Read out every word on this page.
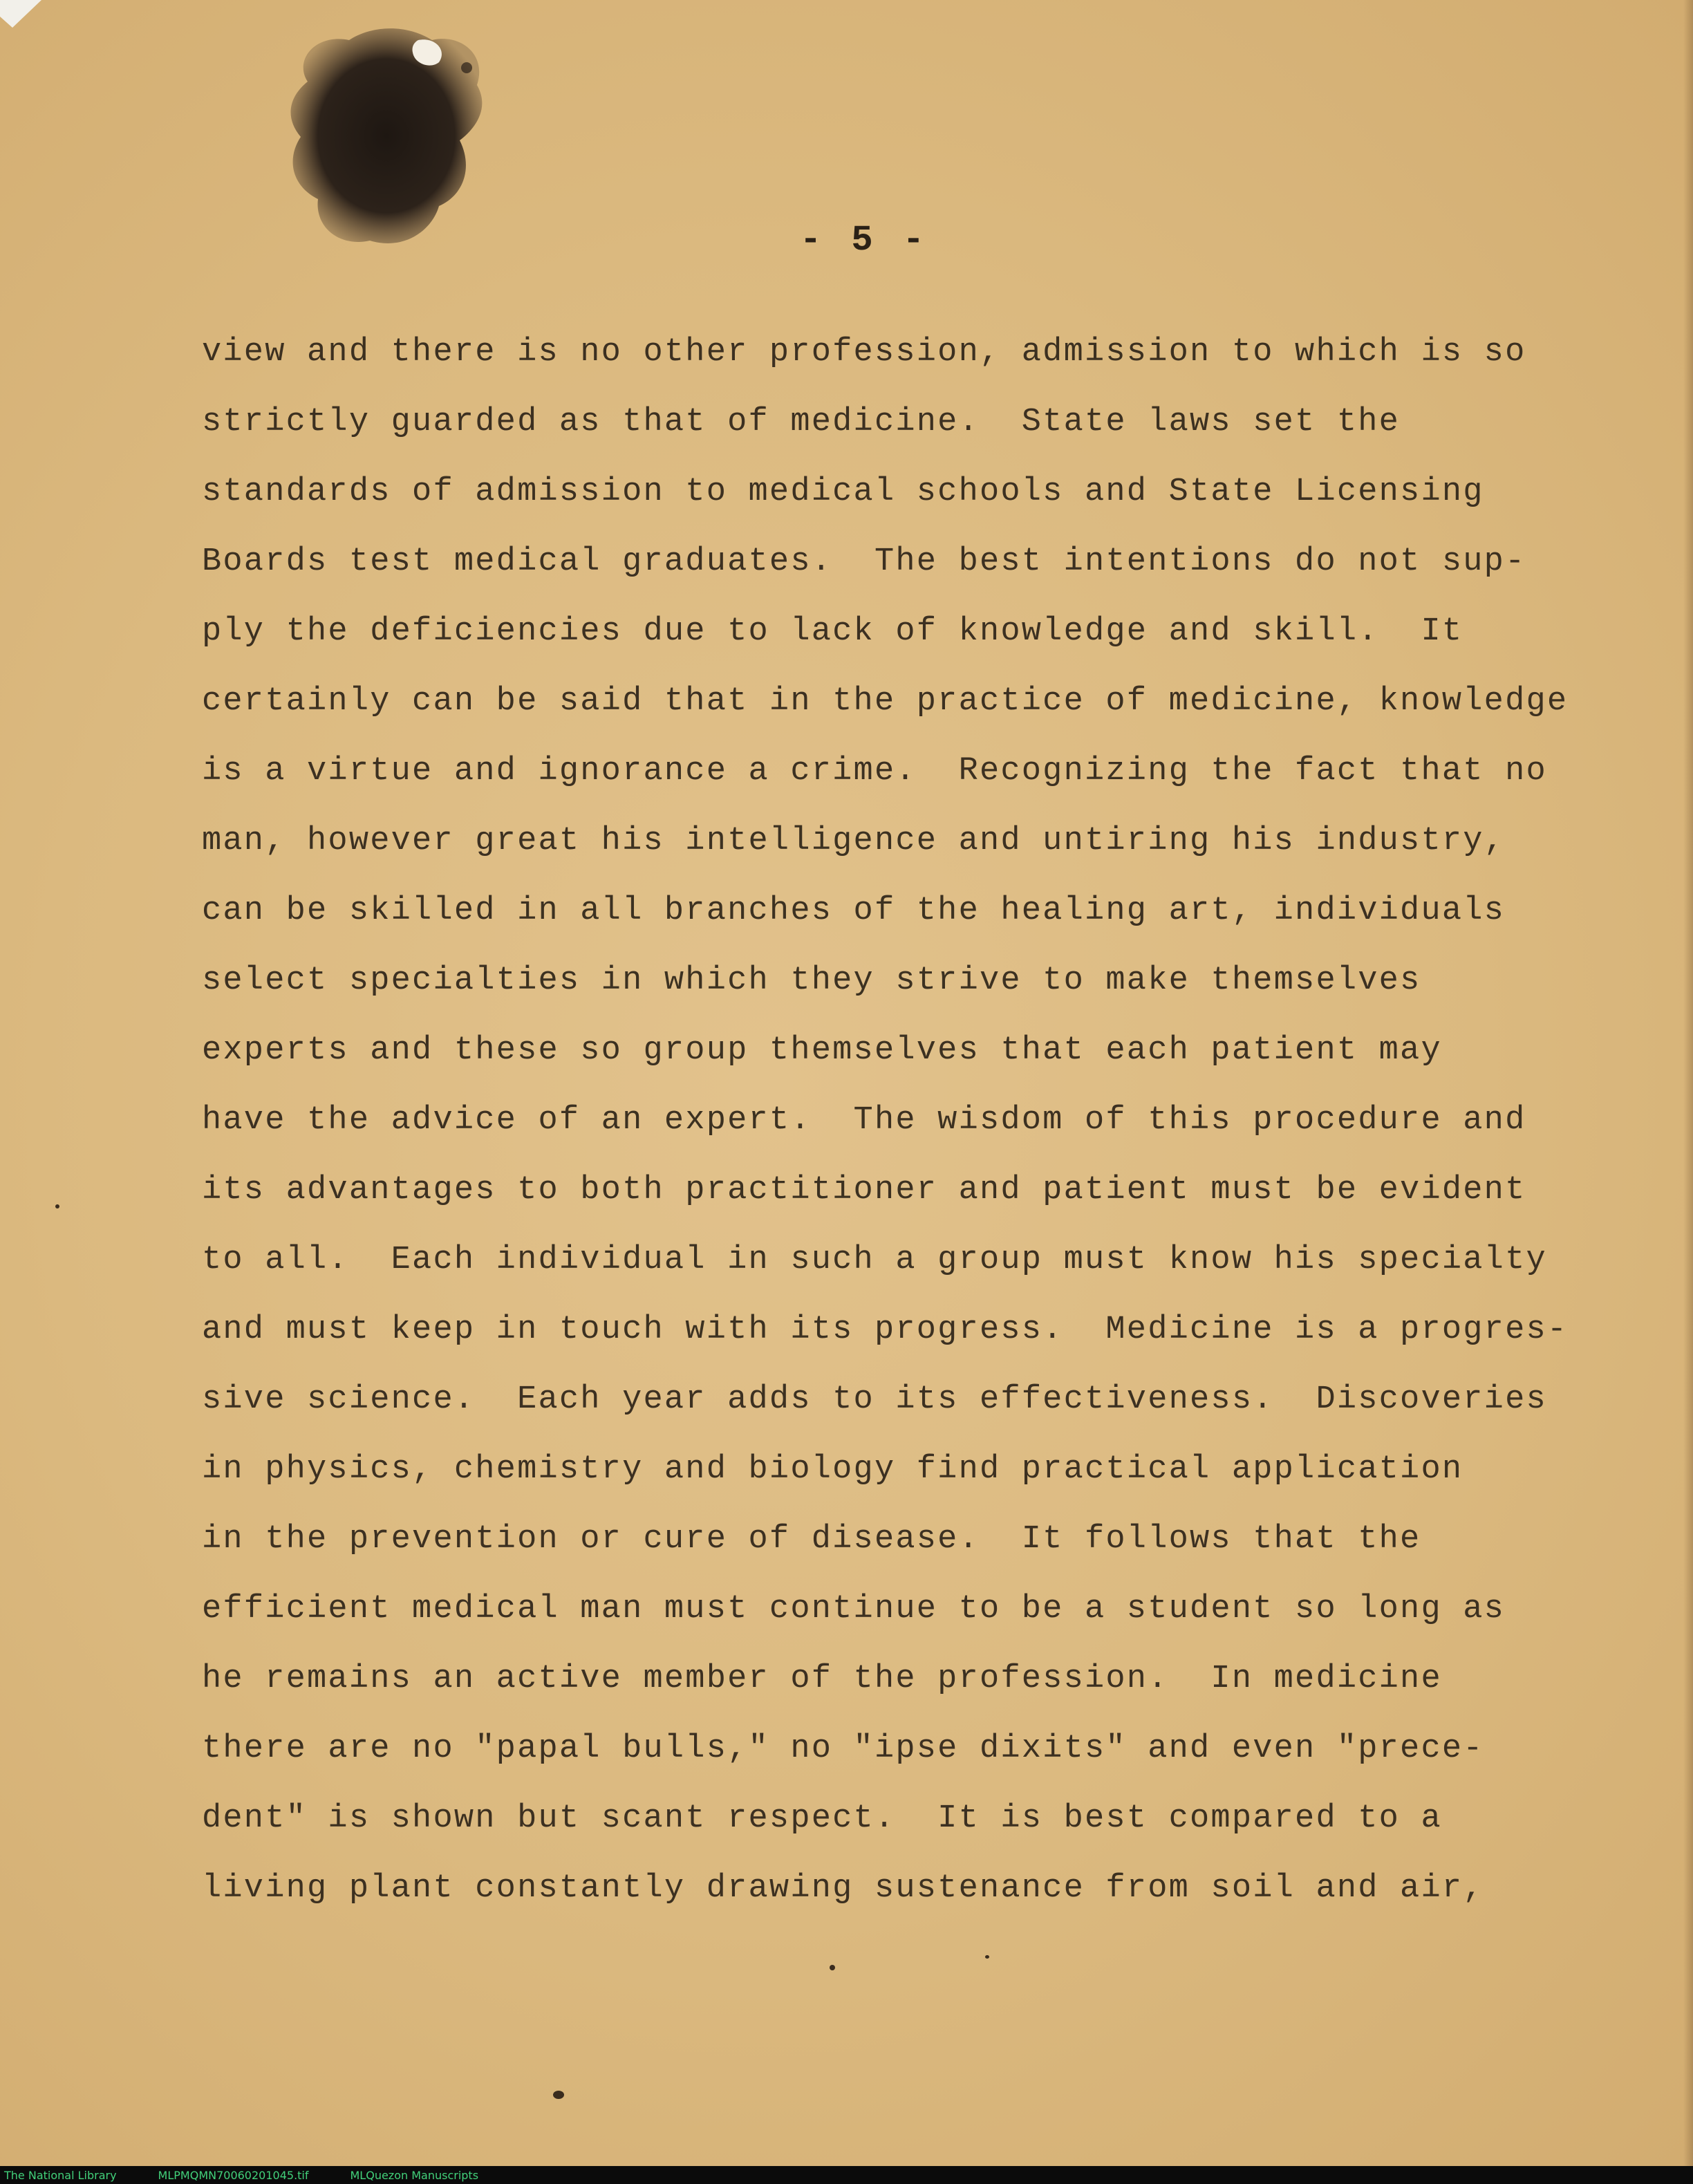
- 5 -
view and there is no other profession, admission to which is so
strictly guarded as that of medicine.  State laws set the
standards of admission to medical schools and State Licensing
Boards test medical graduates.  The best intentions do not sup-
ply the deficiencies due to lack of knowledge and skill.  It
certainly can be said that in the practice of medicine, knowledge
is a virtue and ignorance a crime.  Recognizing the fact that no
man, however great his intelligence and untiring his industry,
can be skilled in all branches of the healing art, individuals
select specialties in which they strive to make themselves
experts and these so group themselves that each patient may
have the advice of an expert.  The wisdom of this procedure and
its advantages to both practitioner and patient must be evident
to all.  Each individual in such a group must know his specialty
and must keep in touch with its progress.  Medicine is a progres-
sive science.  Each year adds to its effectiveness.  Discoveries
in physics, chemistry and biology find practical application
in the prevention or cure of disease.  It follows that the
efficient medical man must continue to be a student so long as
he remains an active member of the profession.  In medicine
there are no "papal bulls," no "ipse dixits" and even "prece-
dent" is shown but scant respect.  It is best compared to a
living plant constantly drawing sustenance from soil and air,
The National Library	MLPMQMN70060201045.tif	MLQuezon Manuscripts
